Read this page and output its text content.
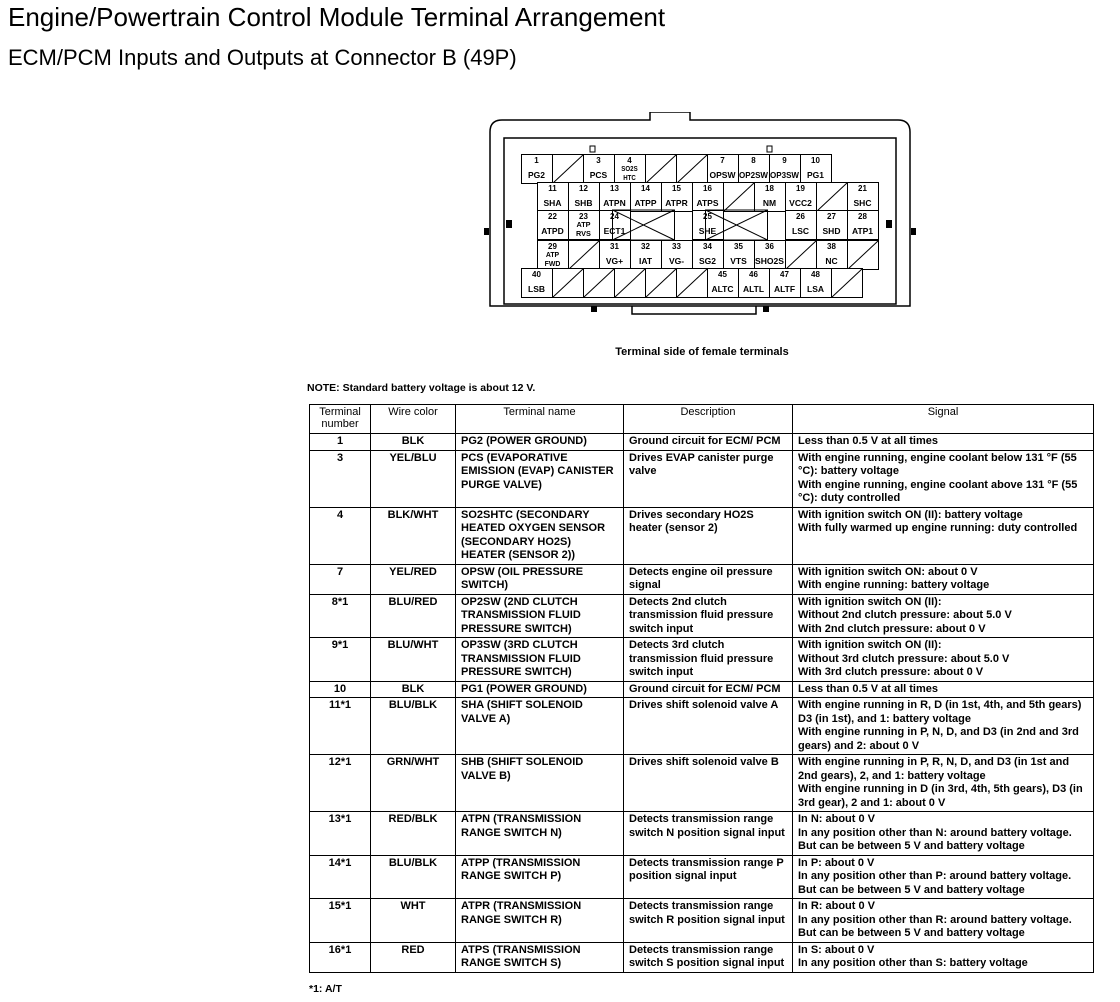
Engine/Powertrain Control Module Terminal Arrangement
ECM/PCM Inputs and Outputs at Connector B (49P)
1
PG2
3
PCS
4
SO2S HTC
7
OPSW
8
OP2SW
9
OP3SW
10
PG1
11
SHA
12
SHB
13
ATPN
14
ATPP
15
ATPR
16
ATPS
18
NM
19
VCC2
21
SHC
22
ATPD
23
ATP RVS
24
ECT1
25
SHE
26
LSC
27
SHD
28
ATP1
29
ATP FWD
31
VG+
32
IAT
33
VG-
34
SG2
35
VTS
36
SHO2S
38
NC
40
LSB
45
ALTC
46
ALTL
47
ALTF
48
LSA
Terminal side of female terminals
NOTE: Standard battery voltage is about 12 V.
Terminal number	Wire color	Terminal name	Description	Signal
1	BLK	PG2 (POWER GROUND)	Ground circuit for ECM/ PCM	Less than 0.5 V at all times

3	YEL/BLU	PCS (EVAPORATIVE EMISSION (EVAP) CANISTER PURGE VALVE)	Drives EVAP canister purge valve	With engine running, engine coolant below 131 °F (55 °C): battery voltage
With engine running, engine coolant above 131 °F (55 °C): duty controlled

4	BLK/WHT	SO2SHTC (SECONDARY HEATED OXYGEN SENSOR (SECONDARY HO2S) HEATER (SENSOR 2))	Drives secondary HO2S heater (sensor 2)	With ignition switch ON (II): battery voltage
With fully warmed up engine running: duty controlled

7	YEL/RED	OPSW (OIL PRESSURE SWITCH)	Detects engine oil pressure signal	With ignition switch ON: about 0 V
With engine running: battery voltage

8*1	BLU/RED	OP2SW (2ND CLUTCH TRANSMISSION FLUID PRESSURE SWITCH)	Detects 2nd clutch transmission fluid pressure switch input	With ignition switch ON (II):
Without 2nd clutch pressure: about 5.0 V
With 2nd clutch pressure: about 0 V

9*1	BLU/WHT	OP3SW (3RD CLUTCH TRANSMISSION FLUID PRESSURE SWITCH)	Detects 3rd clutch transmission fluid pressure switch input	With ignition switch ON (II):
Without 3rd clutch pressure: about 5.0 V
With 3rd clutch pressure: about 0 V

10	BLK	PG1 (POWER GROUND)	Ground circuit for ECM/ PCM	Less than 0.5 V at all times

11*1	BLU/BLK	SHA (SHIFT SOLENOID VALVE A)	Drives shift solenoid valve A	With engine running in R, D (in 1st, 4th, and 5th gears) D3 (in 1st), and 1: battery voltage
With engine running in P, N, D, and D3 (in 2nd and 3rd gears) and 2: about 0 V

12*1	GRN/WHT	SHB (SHIFT SOLENOID VALVE B)	Drives shift solenoid valve B	With engine running in P, R, N, D, and D3 (in 1st and 2nd gears), 2, and 1: battery voltage
With engine running in D (in 3rd, 4th, 5th gears), D3 (in 3rd gear), 2 and 1: about 0 V

13*1	RED/BLK	ATPN (TRANSMISSION RANGE SWITCH N)	Detects transmission range switch N position signal input	In N: about 0 V
In any position other than N: around battery voltage. But can be between 5 V and battery voltage

14*1	BLU/BLK	ATPP (TRANSMISSION RANGE SWITCH P)	Detects transmission range P position signal input	In P: about 0 V
In any position other than P: around battery voltage. But can be between 5 V and battery voltage

15*1	WHT	ATPR (TRANSMISSION RANGE SWITCH R)	Detects transmission range switch R position signal input	In R: about 0 V
In any position other than R: around battery voltage. But can be between 5 V and battery voltage

16*1	RED	ATPS (TRANSMISSION RANGE SWITCH S)	Detects transmission range switch S position signal input	In S: about 0 V
In any position other than S: battery voltage
*1: A/T
